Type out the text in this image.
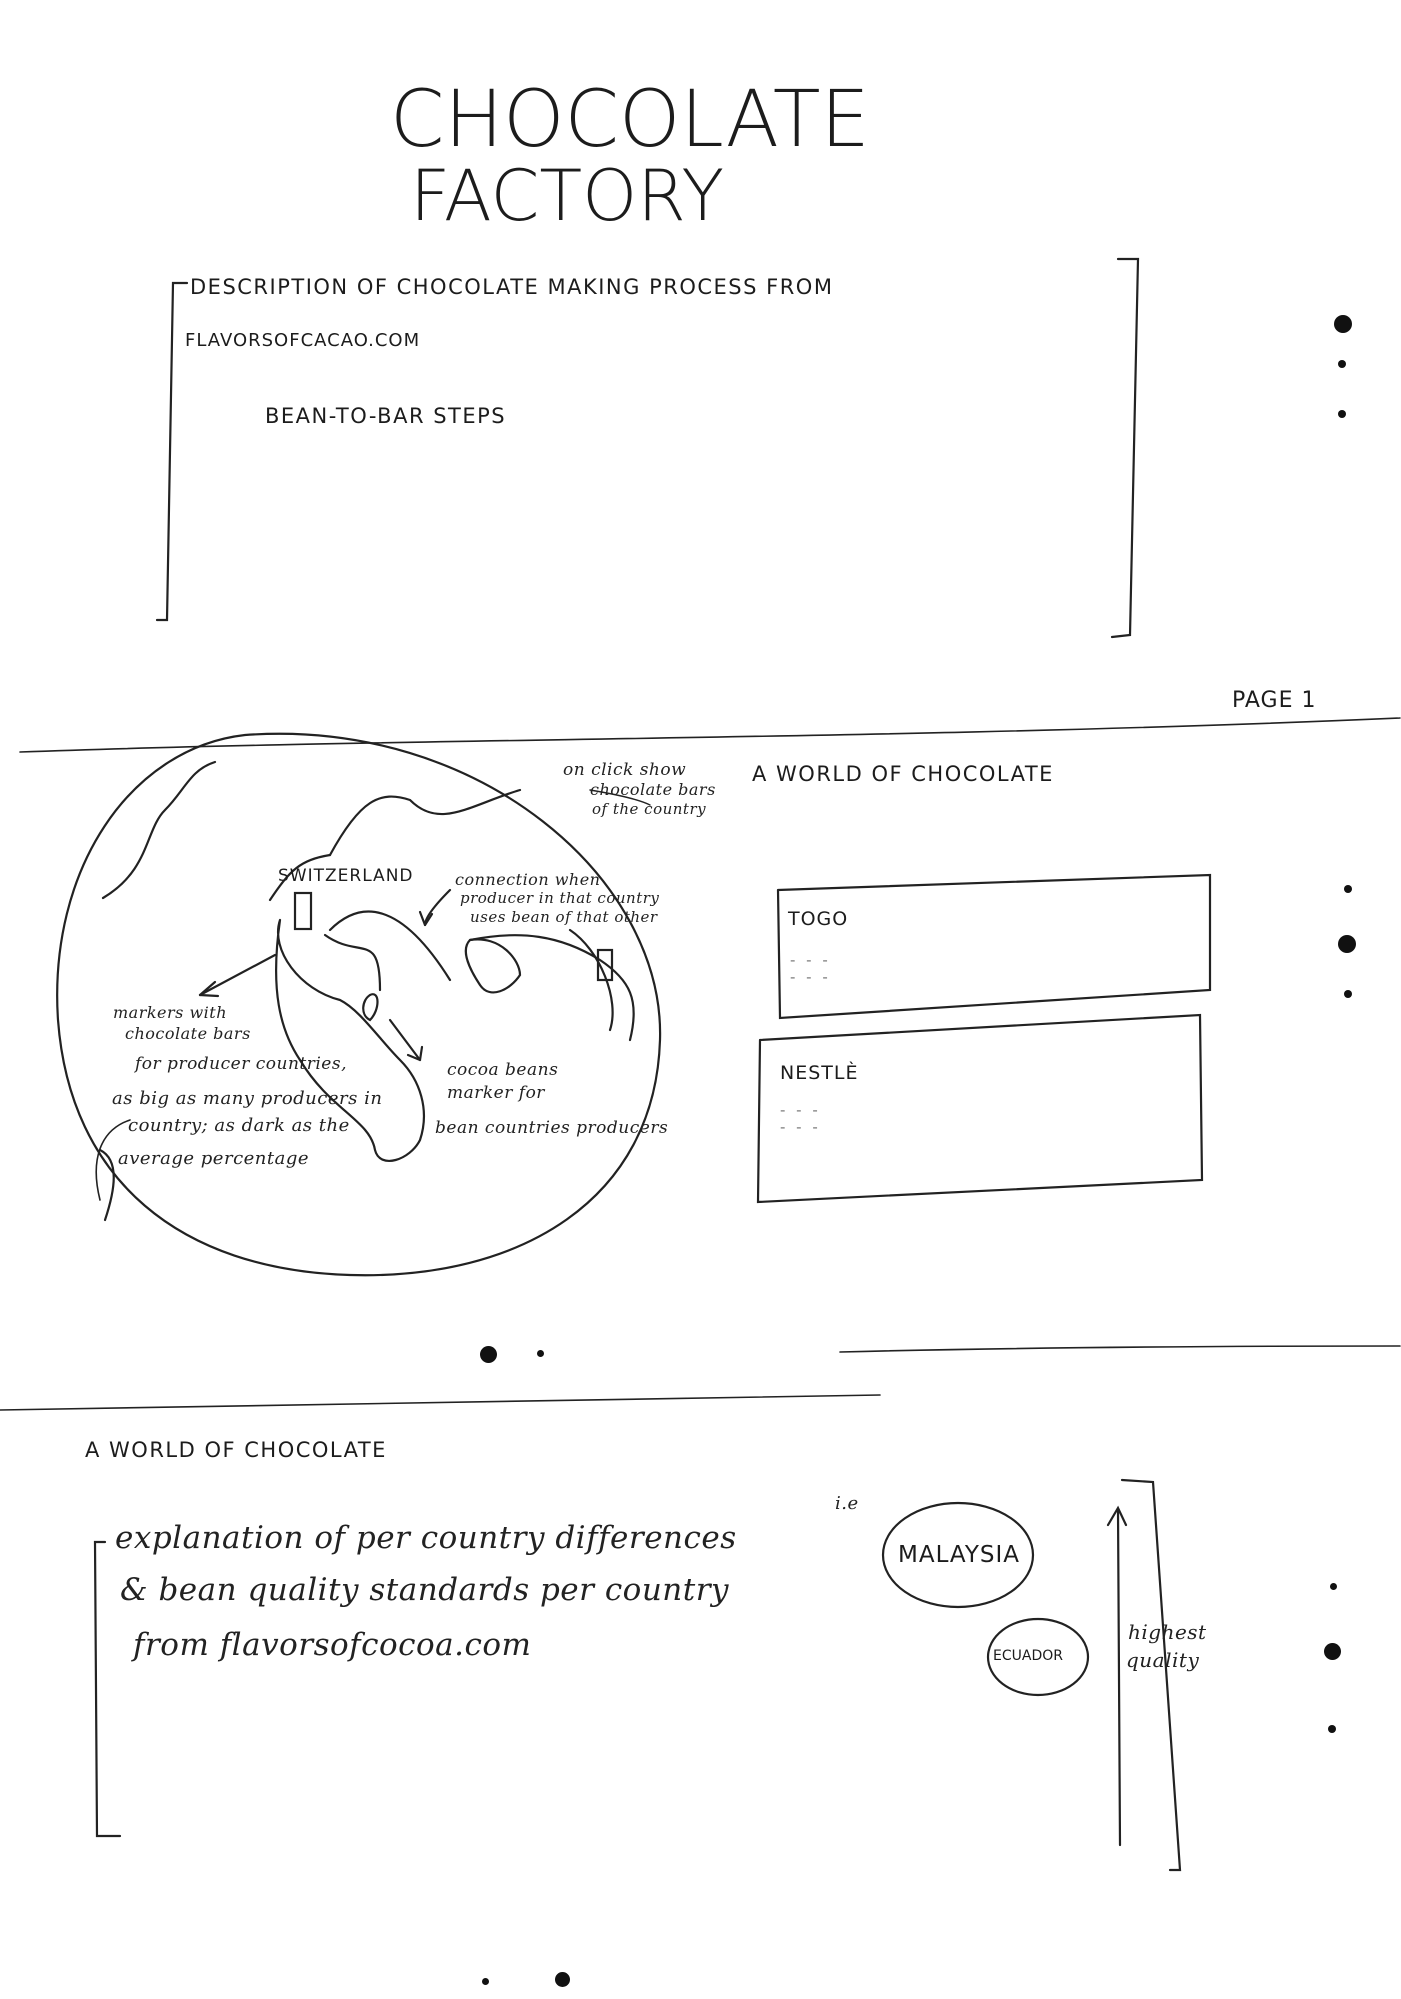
CHOCOLATE
FACTORY
DESCRIPTION OF CHOCOLATE MAKING PROCESS FROM
FLAVORSOFCACAO.COM
BEAN-TO-BAR STEPS
PAGE 1
A WORLD OF CHOCOLATE
on click show
chocolate bars
of the country
SWITZERLAND	connection when
producer in that country
uses bean of that other
markers with
chocolate bars
for producer countries,
as big as many producers in
country; as dark as the
average percentage
cocoa beans
marker for
bean countries producers
TOGO
- - -
- - -
NESTLÈ
- - -
- - -
A WORLD OF CHOCOLATE
explanation of per country differences
& bean quality standards per country
from flavorsofcocoa.com
i.e
MALAYSIA
ECUADOR
highest
quality
